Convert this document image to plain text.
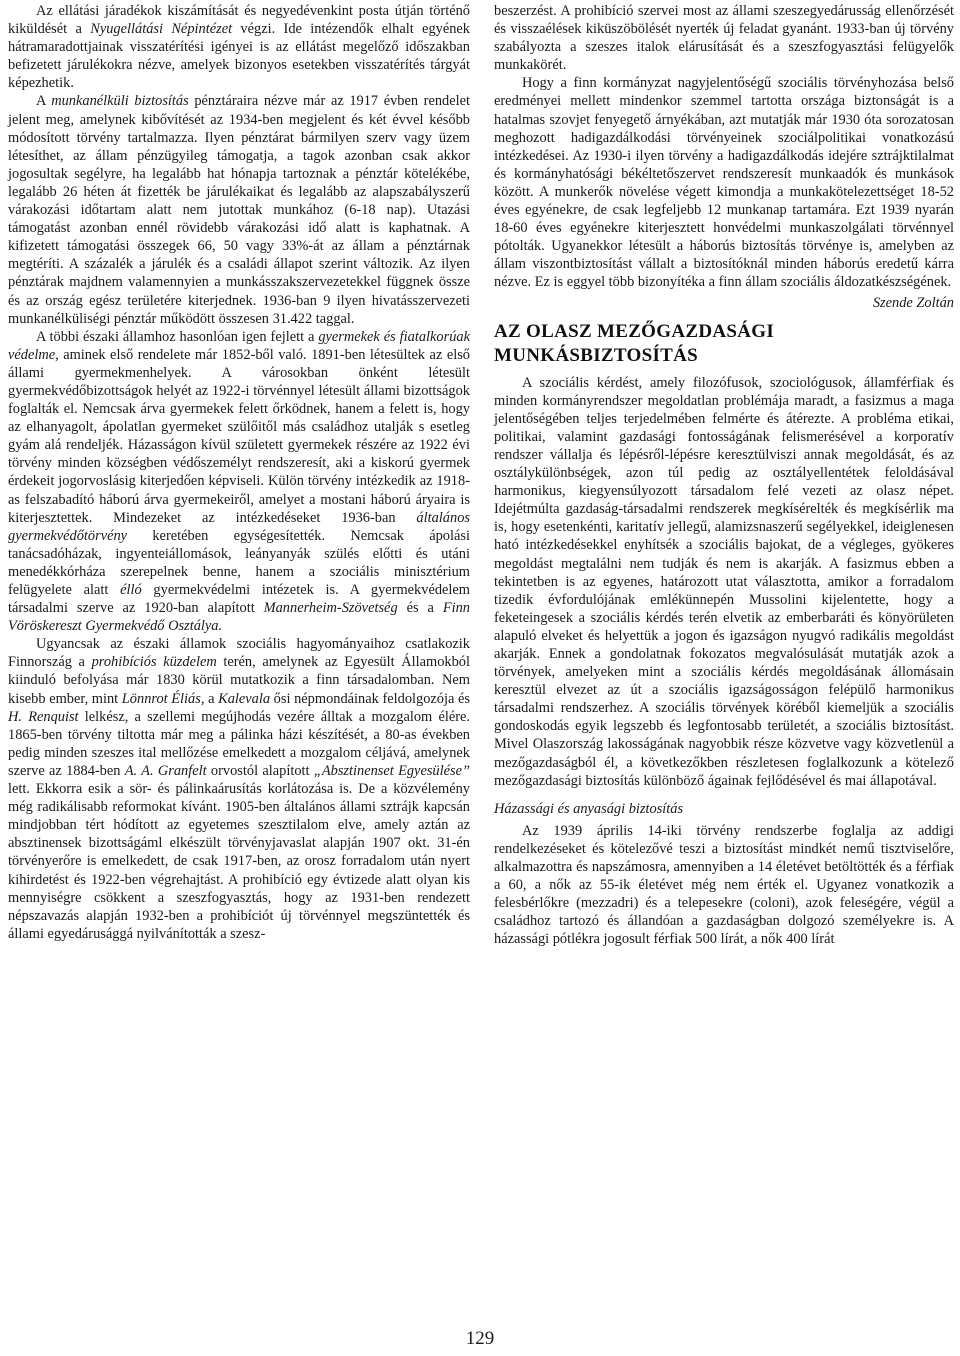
Az ellátási járadékok kiszámítását és negyedévenkint posta útján történő kiküldését a Nyugellátási Népintézet végzi. Ide intézendők elhalt egyének hátramaradottjainak visszatérítési igényei is az ellátást megelőző időszakban befizetett járulékokra nézve, amelyek bizonyos esetekben visszatérítés tárgyát képezhetik.

A munkanélküli biztosítás pénztáraira nézve már az 1917 évben rendelet jelent meg, amelynek kibővítését az 1934-ben megjelent és két évvel később módosított törvény tartalmazza. Ilyen pénztárat bármilyen szerv vagy üzem létesíthet, az állam pénzügyileg támogatja, a tagok azonban csak akkor jogosultak segélyre, ha legalább hat hónapja tartoznak a pénztár kötelékébe, legalább 26 héten át fizették be járulékaikat és legalább az alapszabályszerű várakozási időtartam alatt nem jutottak munkához (6-18 nap). Utazási támogatást azonban ennél rövidebb várakozási idő alatt is kaphatnak. A kifizetett támogatási összegek 66, 50 vagy 33%-át az állam a pénztárnak megtéríti. A százalék a járulék és a családi állapot szerint változik. Az ilyen pénztárak majdnem valamennyien a munkásszakszervezetekkel függnek össze és az ország egész területére kiterjednek. 1936-ban 9 ilyen hivatásszervezeti munkanélküliségi pénztár működött összesen 31.422 taggal.

A többi északi államhoz hasonlóan igen fejlett a gyermekek és fiatalkorúak védelme, aminek első rendelete már 1852-ből való. 1891-ben létesültek az első állami gyermekmenhelyek. A városokban önként létesült gyermekvédőbizottságok helyét az 1922-i törvénnyel létesült állami bizottságok foglalták el. Nemcsak árva gyermekek felett őrködnek, hanem a felett is, hogy az elhanyagolt, ápolatlan gyermeket szülőitől más családhoz utalják s esetleg gyám alá rendeljék. Házasságon kívül született gyermekek részére az 1922 évi törvény minden községben védőszemélyt rendszeresít, aki a kiskorú gyermek érdekeit jogorvoslásig kiterjedően képviseli. Külön törvény intézkedik az 1918-as felszabadító háború árva gyermekeiről, amelyet a mostani háború áryaira is kiterjesztettek. Mindezeket az intézkedéseket 1936-ban általános gyermekvédőtörvény keretében egységesítették. Nemcsak ápolási tanácsadóházak, ingyenteiállomások, leányanyák szülés előtti és utáni menedékkórháza szerepelnek benne, hanem a szociális minisztérium felügyelete alatt élló gyermekvédelmi intézetek is. A gyermekvédelem társadalmi szerve az 1920-ban alapított Mannerheim-Szövetség és a Finn Vöröskereszt Gyermekvédő Osztálya.

Ugyancsak az északi államok szociális hagyományaihoz csatlakozik Finnország a prohibíciós küzdelem terén, amelynek az Egyesült Államokból kiinduló befolyása már 1830 körül mutatkozik a finn társadalomban. Nem kisebb ember, mint Lönnrot Éliás, a Kalevala ősi népmondáinak feldolgozója és H. Renquist lelkész, a szellemi megújhodás vezére álltak a mozgalom élére. 1865-ben törvény tiltotta már meg a pálinka házi készítését, a 80-as években pedig minden szeszes ital mellőzése emelkedett a mozgalom céljává, amelynek szerve az 1884-ben A. A. Granfelt orvostól alapított „Absztinenset Egyesülése” lett. Ekkorra esik a sör- és pálinkaárusítás korlátozása is. De a közvélemény még radikálisabb reformokat kívánt. 1905-ben általános állami sztrájk kapcsán mindjobban tért hódított az egyetemes szesztilalom elve, amely aztán az absztinensek bizottságáml elkészült törvényjavaslat alapján 1907 okt. 31-én törvényerőre is emelkedett, de csak 1917-ben, az orosz forradalom után nyert kihirdetést és 1922-ben végrehajtást. A prohibíció egy évtizede alatt olyan kis mennyiségre csökkent a szeszfogyasztás, hogy az 1931-ben rendezett népszavazás alapján 1932-ben a prohibíciót új törvénnyel megszüntették és állami egyedárusággá nyilvánították a szesz-

beszerzést. A prohibíció szervei most az állami szeszegyedárusság ellenőrzését és visszaélések kiküszöbölését nyerték új feladat gyanánt. 1933-ban új törvény szabályozta a szeszes italok elárusítását és a szeszfogyasztási felügyelők munkakörét.

Hogy a finn kormányzat nagyjelentőségű szociális törvényhozása belső eredményei mellett mindenkor szemmel tartotta országa biztonságát is a hatalmas szovjet fenyegető árnyékában, azt mutatják már 1930 óta sorozatosan meghozott hadigazdálkodási törvényeinek szociálpolitikai vonatkozású intézkedései. Az 1930-i ilyen törvény a hadigazdálkodás idejére sztrájktilalmat és kormányhatósági békéltetőszervet rendszeresít munkaadók és munkások között. A munkerők növelése végett kimondja a munkakötelezettséget 18-52 éves egyénekre, de csak legfeljebb 12 munkanap tartamára. Ezt 1939 nyarán 18-60 éves egyénekre kiterjesztett honvédelmi munkaszolgálati törvénnyel pótolták. Ugyanekkor létesült a háborús biztosítás törvénye is, amelyben az állam viszontbiztosítást vállalt a biztosítóknál minden háborús eredetű kárra nézve. Ez is eggyel több bizonyítéka a finn állam szociális áldozatkészségének.

Szende Zoltán

AZ OLASZ MEZŐGAZDASÁGI
MUNKÁSBIZTOSÍTÁS

A szociális kérdést, amely filozófusok, szociológusok, államférfiak és minden kormányrendszer megoldatlan problémája maradt, a fasizmus a maga jelentőségében teljes terjedelmében felmérte és átérezte. A probléma etikai, politikai, valamint gazdasági fontosságának felismerésével a korporatív rendszer vállalja és lépésről-lépésre keresztülviszi annak megoldását, és az osztálykülönbségek, azon túl pedig az osztályellentétek feloldásával harmonikus, kiegyensúlyozott társadalom felé vezeti az olasz népet. Idejétmúlta gazdaság-társadalmi rendszerek megkísérelték és megkísérlik ma is, hogy esetenkénti, karitatív jellegű, alamizsnaszerű segélyekkel, ideiglenesen ható intézkedésekkel enyhítsék a szociális bajokat, de a végleges, gyökeres megoldást megtalálni nem tudják és nem is akarják. A fasizmus ebben a tekintetben is az egyenes, határozott utat választotta, amikor a forradalom tizedik évfordulójának emlékünnepén Mussolini kijelentette, hogy a feketeingesek a szociális kérdés terén elvetik az emberbaráti és könyörületen alapuló elveket és helyettük a jogon és igazságon nyugvó radikális megoldást akarják. Ennek a gondolatnak fokozatos megvalósulását mutatják azok a törvények, amelyeken mint a szociális kérdés megoldásának állomásain keresztül elvezet az út a szociális igazságosságon felépülő harmonikus társadalmi rendszerhez. A szociális törvények köréből kiemeljük a szociális gondoskodás egyik legszebb és legfontosabb területét, a szociális biztosítást. Mivel Olaszország lakosságának nagyobbik része közvetve vagy közvetlenül a mezőgazdaságból él, a következőkben részletesen foglalkozunk a kötelező mezőgazdasági biztosítás különböző ágainak fejlődésével és mai állapotával.

Házassági és anyasági biztosítás

Az 1939 április 14-iki törvény rendszerbe foglalja az addigi rendelkezéseket és kötelezővé teszi a biztosítást mindkét nemű tisztviselőre, alkalmazottra és napszámosra, amennyiben a 14 életévet betöltötték és a férfiak a 60, a nők az 55-ik életévet még nem érték el. Ugyanez vonatkozik a felesbérlőkre (mezzadri) és a telepesekre (coloni), azok feleségére, végül a családhoz tartozó és állandóan a gazdaságban dolgozó személyekre is. A házassági pótlékra jogosult férfiak 500 lírát, a nők 400 lírát

129
